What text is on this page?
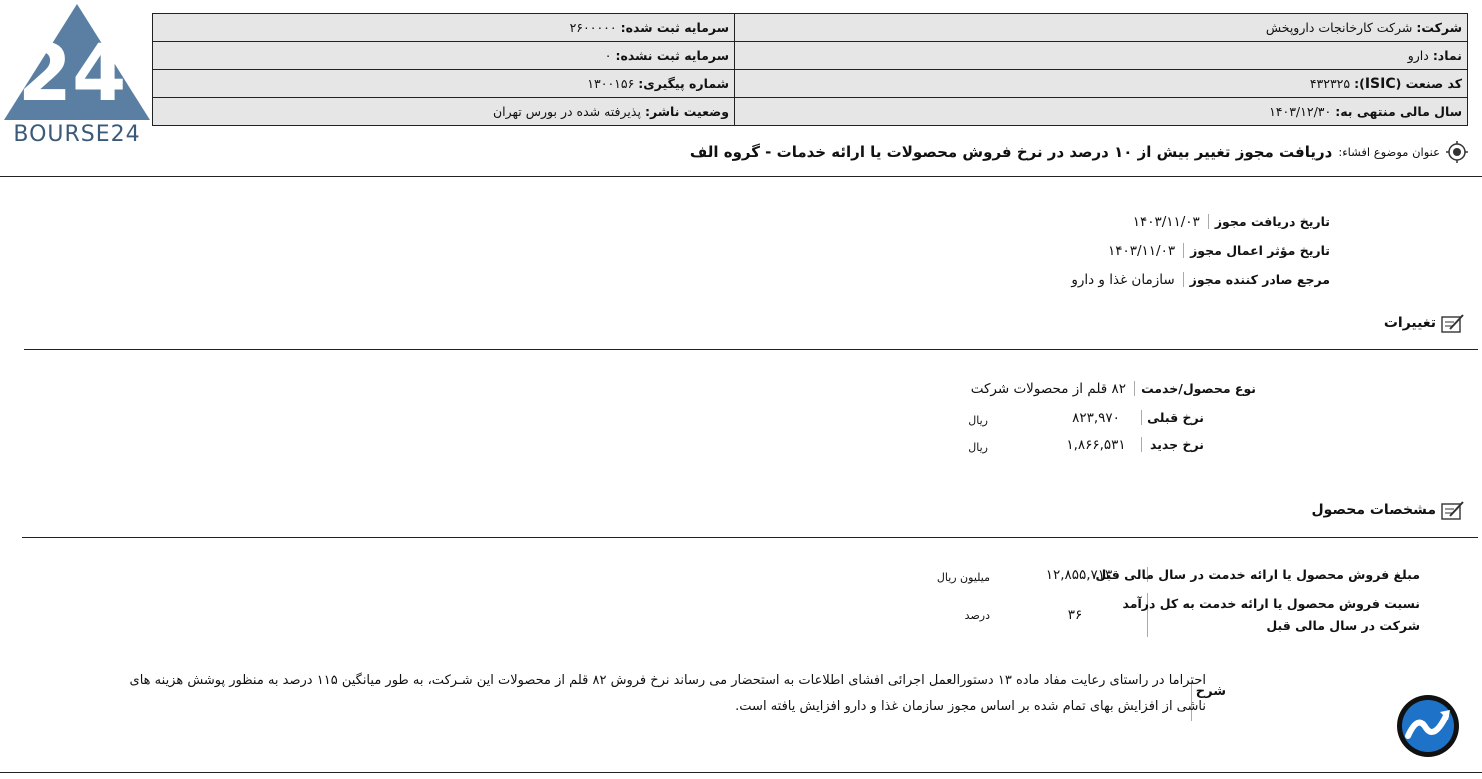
24
BOURSE24
شرکت:شرکت کارخانجات داروپخش	سرمایه ثبت شده:۲۶۰۰۰۰۰
نماد:دارو	سرمایه ثبت نشده:۰
کد صنعت (ISIC):۴۳۲۳۲۵	شماره پیگیری:۱۳۰۰۱۵۶
سال مالی منتهی به:۱۴۰۳/۱۲/۳۰	وضعیت ناشر:پذیرفته شده در بورس تهران
عنوان موضوع افشاء:
دریافت مجوز تغییر بیش از ۱۰ درصد در نرخ فروش محصولات یا ارائه خدمات - گروه الف
تاریخ دریافت مجوز۱۴۰۳/۱۱/۰۳
تاریخ مؤثر اعمال مجوز۱۴۰۳/۱۱/۰۳
مرجع صادر کننده مجوزسازمان غذا و دارو
تغییرات
نوع محصول/خدمت۸۲ قلم از محصولات شرکت
نرخ قبلی۸۲۳,۹۷۰
ریال
نرخ جدید۱,۸۶۶,۵۳۱
ریال
مشخصات محصول
مبلغ فروش محصول یا ارائه خدمت در سال مالی قبل۱۲,۸۵۵,۷۱۳
میلیون ریال
نسبت فروش محصول یا ارائه خدمت به کل درآمد
شرکت در سال مالی قبل ۳۶
درصد
شرح
احتراما در راستای رعایت مفاد ماده ۱۳ دستورالعمل اجرائی افشای اطلاعات به استحضار می رساند نرخ فروش ۸۲ قلم از محصولات این شـرکت، به طور میانگین ۱۱۵ درصد به منظور پوشش هزینه های ناشی از افزایش بهای تمام شده بر اساس مجوز سازمان غذا و دارو افزایش یافته است.
